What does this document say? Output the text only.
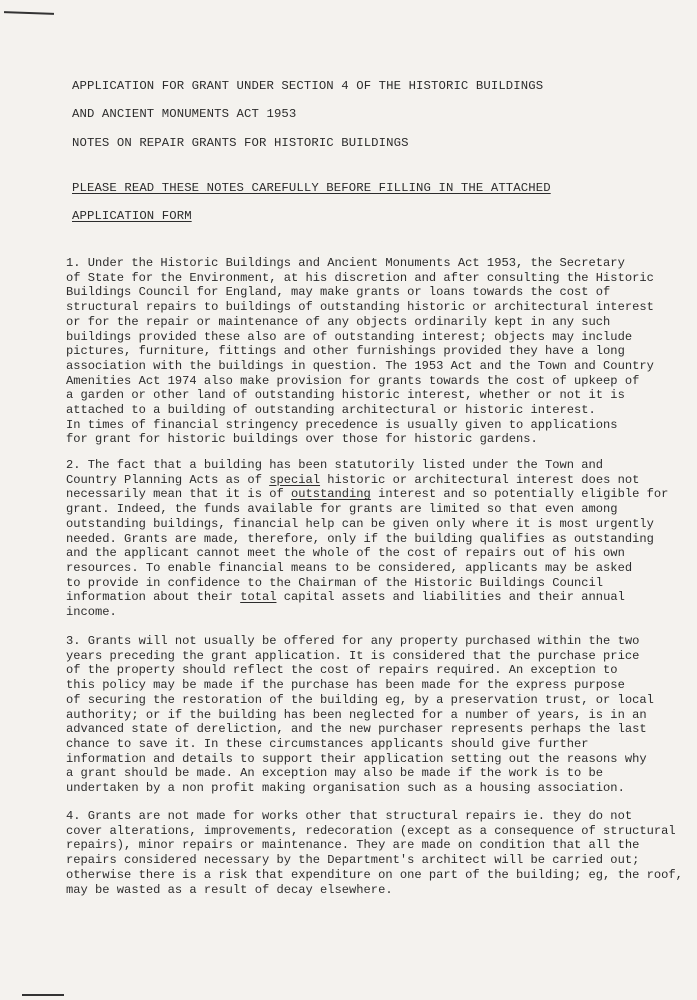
APPLICATION FOR GRANT UNDER SECTION 4 OF THE HISTORIC BUILDINGS
AND ANCIENT MONUMENTS ACT 1953
NOTES ON REPAIR GRANTS FOR HISTORIC BUILDINGS
PLEASE READ THESE NOTES CAREFULLY BEFORE FILLING IN THE ATTACHED
APPLICATION FORM
1. Under the Historic Buildings and Ancient Monuments Act 1953, the Secretary
of State for the Environment, at his discretion and after consulting the Historic
Buildings Council for England, may make grants or loans towards the cost of
structural repairs to buildings of outstanding historic or architectural interest
or for the repair or maintenance of any objects ordinarily kept in any such
buildings provided these also are of outstanding interest; objects may include
pictures, furniture, fittings and other furnishings provided they have a long
association with the buildings in question. The 1953 Act and the Town and Country
Amenities Act 1974 also make provision for grants towards the cost of upkeep of
a garden or other land of outstanding historic interest, whether or not it is
attached to a building of outstanding architectural or historic interest.
In times of financial stringency precedence is usually given to applications
for grant for historic buildings over those for historic gardens.
2. The fact that a building has been statutorily listed under the Town and
Country Planning Acts as of special historic or architectural interest does not
necessarily mean that it is of outstanding interest and so potentially eligible for
grant. Indeed, the funds available for grants are limited so that even among
outstanding buildings, financial help can be given only where it is most urgently
needed. Grants are made, therefore, only if the building qualifies as outstanding
and the applicant cannot meet the whole of the cost of repairs out of his own
resources. To enable financial means to be considered, applicants may be asked
to provide in confidence to the Chairman of the Historic Buildings Council
information about their total capital assets and liabilities and their annual
income.
3. Grants will not usually be offered for any property purchased within the two
years preceding the grant application. It is considered that the purchase price
of the property should reflect the cost of repairs required. An exception to
this policy may be made if the purchase has been made for the express purpose
of securing the restoration of the building eg, by a preservation trust, or local
authority; or if the building has been neglected for a number of years, is in an
advanced state of dereliction, and the new purchaser represents perhaps the last
chance to save it. In these circumstances applicants should give further
information and details to support their application setting out the reasons why
a grant should be made. An exception may also be made if the work is to be
undertaken by a non profit making organisation such as a housing association.
4. Grants are not made for works other that structural repairs ie. they do not
cover alterations, improvements, redecoration (except as a consequence of structural
repairs), minor repairs or maintenance. They are made on condition that all the
repairs considered necessary by the Department's architect will be carried out;
otherwise there is a risk that expenditure on one part of the building; eg, the roof,
may be wasted as a result of decay elsewhere.
